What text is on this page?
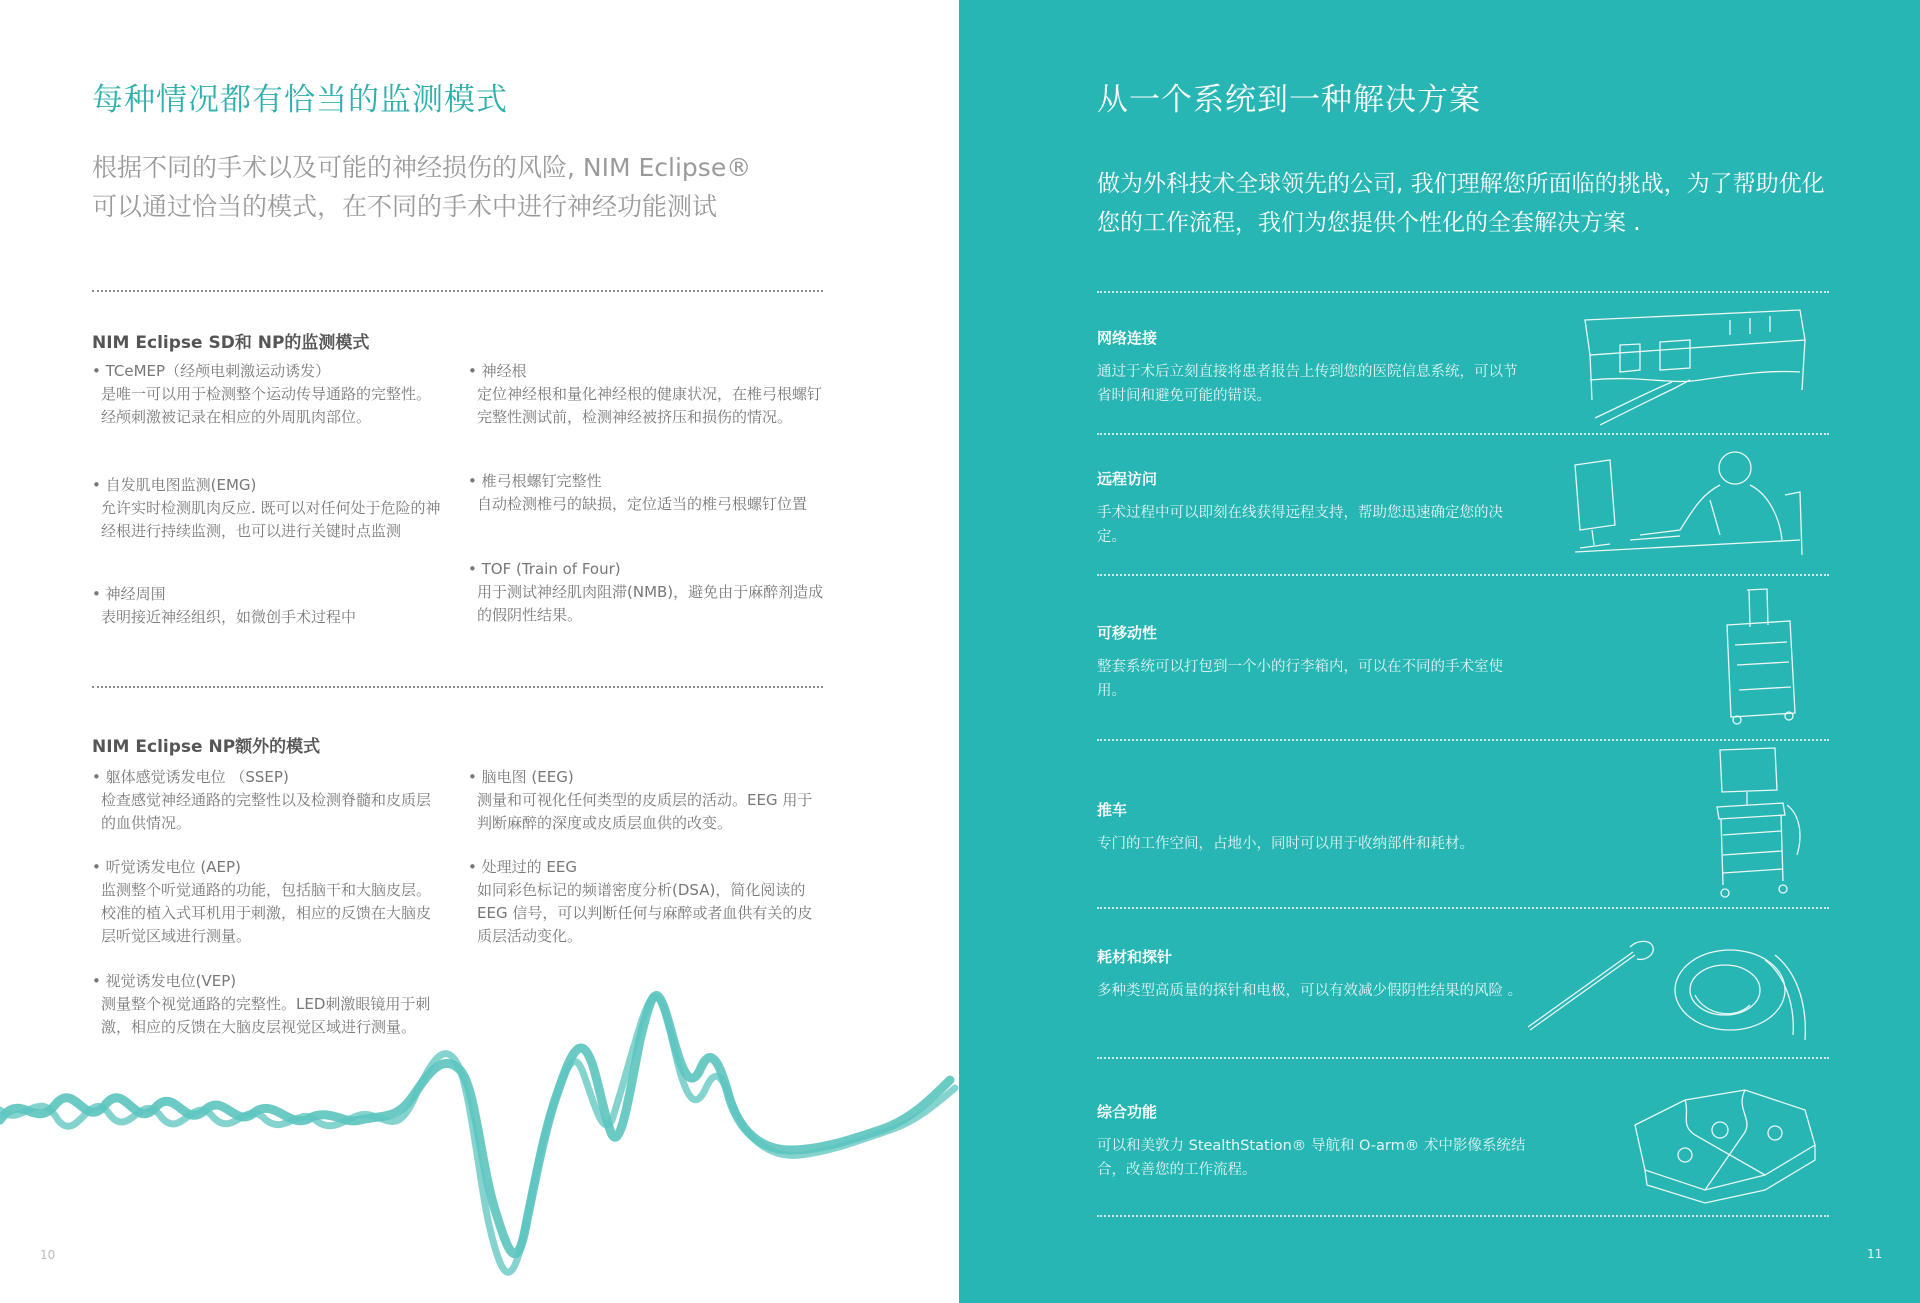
每种情况都有恰当的监测模式
根据不同的手术以及可能的神经损伤的风险, NIM Eclipse® 可以通过恰当的模式，在不同的手术中进行神经功能测试
NIM Eclipse SD和 NP的监测模式
• TCeMEP（经颅电刺激运动诱发）
是唯一可以用于检测整个运动传导通路的完整性。经颅刺激被记录在相应的外周肌肉部位。
• 自发肌电图监测(EMG)
允许实时检测肌肉反应. 既可以对任何处于危险的神经根进行持续监测，也可以进行关键时点监测
• 神经周围
表明接近神经组织，如微创手术过程中
• 神经根
定位神经根和量化神经根的健康状况，在椎弓根螺钉完整性测试前，检测神经被挤压和损伤的情况。
• 椎弓根螺钉完整性
自动检测椎弓的缺损，定位适当的椎弓根螺钉位置
• TOF (Train of Four)
用于测试神经肌肉阻滞(NMB)，避免由于麻醉剂造成的假阴性结果。
NIM Eclipse NP额外的模式
• 躯体感觉诱发电位 （SSEP)
检查感觉神经通路的完整性以及检测脊髓和皮质层的血供情况。
• 听觉诱发电位 (AEP)
监测整个听觉通路的功能，包括脑干和大脑皮层。校准的植入式耳机用于刺激，相应的反馈在大脑皮层听觉区域进行测量。
• 视觉诱发电位(VEP)
测量整个视觉通路的完整性。LED刺激眼镜用于刺激，相应的反馈在大脑皮层视觉区域进行测量。
• 脑电图 (EEG)
测量和可视化任何类型的皮质层的活动。EEG 用于判断麻醉的深度或皮质层血供的改变。
• 处理过的 EEG
如同彩色标记的频谱密度分析(DSA)，简化阅读的EEG 信号，可以判断任何与麻醉或者血供有关的皮质层活动变化。
10
从一个系统到一种解决方案
做为外科技术全球领先的公司, 我们理解您所面临的挑战，为了帮助优化您的工作流程，我们为您提供个性化的全套解决方案 .
网络连接
通过于术后立刻直接将患者报告上传到您的医院信息系统，可以节省时间和避免可能的错误。
远程访问
手术过程中可以即刻在线获得远程支持，帮助您迅速确定您的决定。
可移动性
整套系统可以打包到一个小的行李箱内，可以在不同的手术室使用。
推车
专门的工作空间，占地小，同时可以用于收纳部件和耗材。
耗材和探针
多种类型高质量的探针和电极，可以有效减少假阴性结果的风险 。
综合功能
可以和美敦力 StealthStation® 导航和 O-arm® 术中影像系统结合，改善您的工作流程。
11
